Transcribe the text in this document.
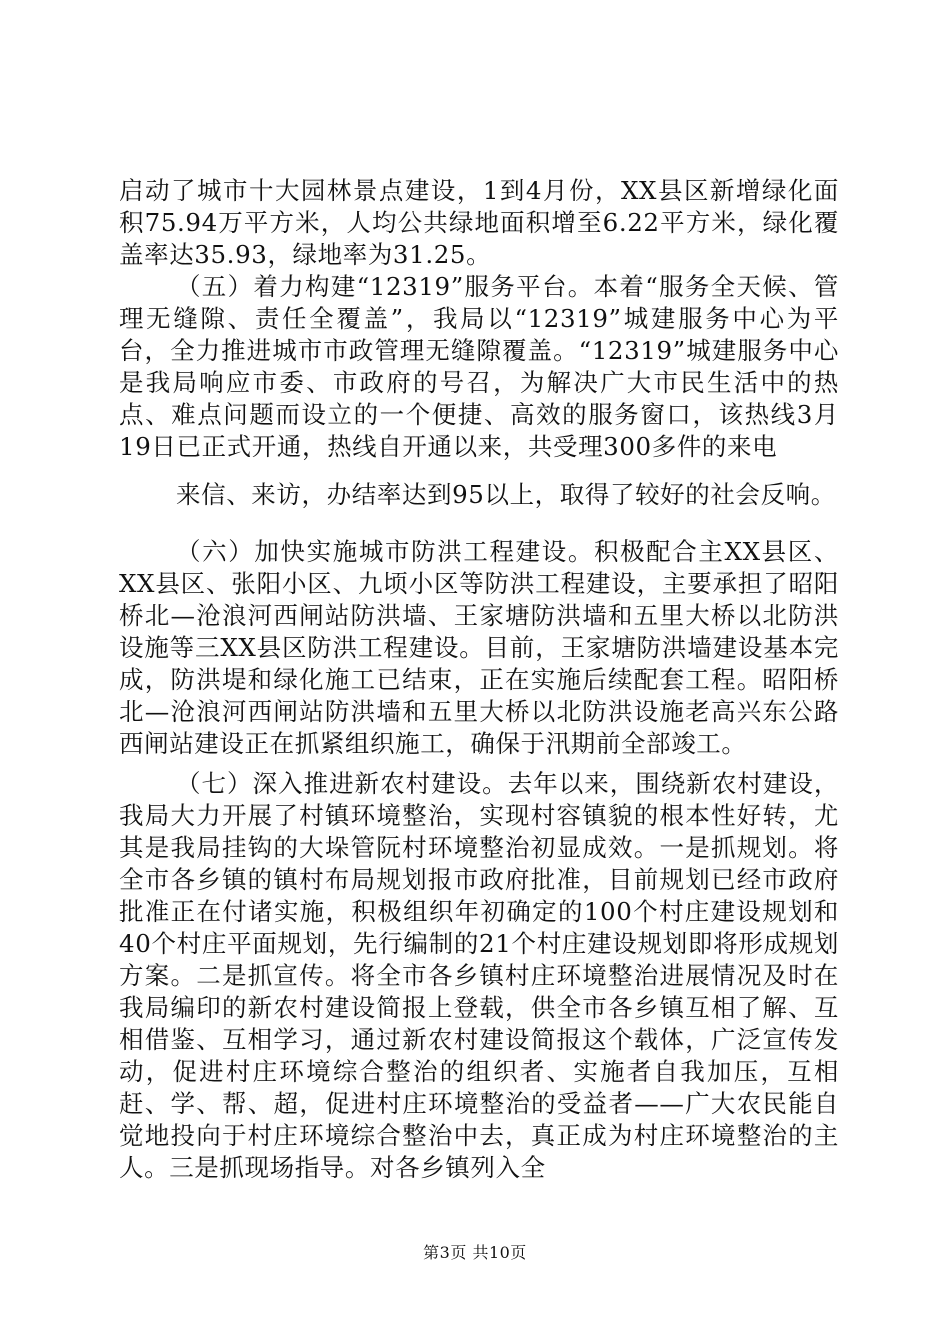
启动了城市十大园林景点建设，1到4月份，XX县区新增绿化面积75.94万平方米，人均公共绿地面积增至6.22平方米，绿化覆盖率达35.93，绿地率为31.25。

（五）着力构建“12319”服务平台。本着“服务全天候、管理无缝隙、责任全覆盖”，我局以“12319”城建服务中心为平台，全力推进城市市政管理无缝隙覆盖。“12319”城建服务中心是我局响应市委、市政府的号召，为解决广大市民生活中的热点、难点问题而设立的一个便捷、高效的服务窗口，该热线3月19日已正式开通，热线自开通以来，共受理300多件的来电

来信、来访，办结率达到95以上，取得了较好的社会反响。

（六）加快实施城市防洪工程建设。积极配合主XX县区、XX县区、张阳小区、九顷小区等防洪工程建设，主要承担了昭阳桥北—沧浪河西闸站防洪墙、王家塘防洪墙和五里大桥以北防洪设施等三XX县区防洪工程建设。目前，王家塘防洪墙建设基本完成，防洪堤和绿化施工已结束，正在实施后续配套工程。昭阳桥北—沧浪河西闸站防洪墙和五里大桥以北防洪设施老高兴东公路西闸站建设正在抓紧组织施工，确保于汛期前全部竣工。

（七）深入推进新农村建设。去年以来，围绕新农村建设，我局大力开展了村镇环境整治，实现村容镇貌的根本性好转，尤其是我局挂钩的大垛管阮村环境整治初显成效。一是抓规划。将全市各乡镇的镇村布局规划报市政府批准，目前规划已经市政府批准正在付诸实施，积极组织年初确定的100个村庄建设规划和40个村庄平面规划，先行编制的21个村庄建设规划即将形成规划方案。二是抓宣传。将全市各乡镇村庄环境整治进展情况及时在我局编印的新农村建设简报上登载，供全市各乡镇互相了解、互相借鉴、互相学习，通过新农村建设简报这个载体，广泛宣传发动，促进村庄环境综合整治的组织者、实施者自我加压，互相赶、学、帮、超，促进村庄环境整治的受益者——广大农民能自觉地投向于村庄环境综合整治中去，真正成为村庄环境整治的主人。三是抓现场指导。对各乡镇列入全

第3页 共10页
